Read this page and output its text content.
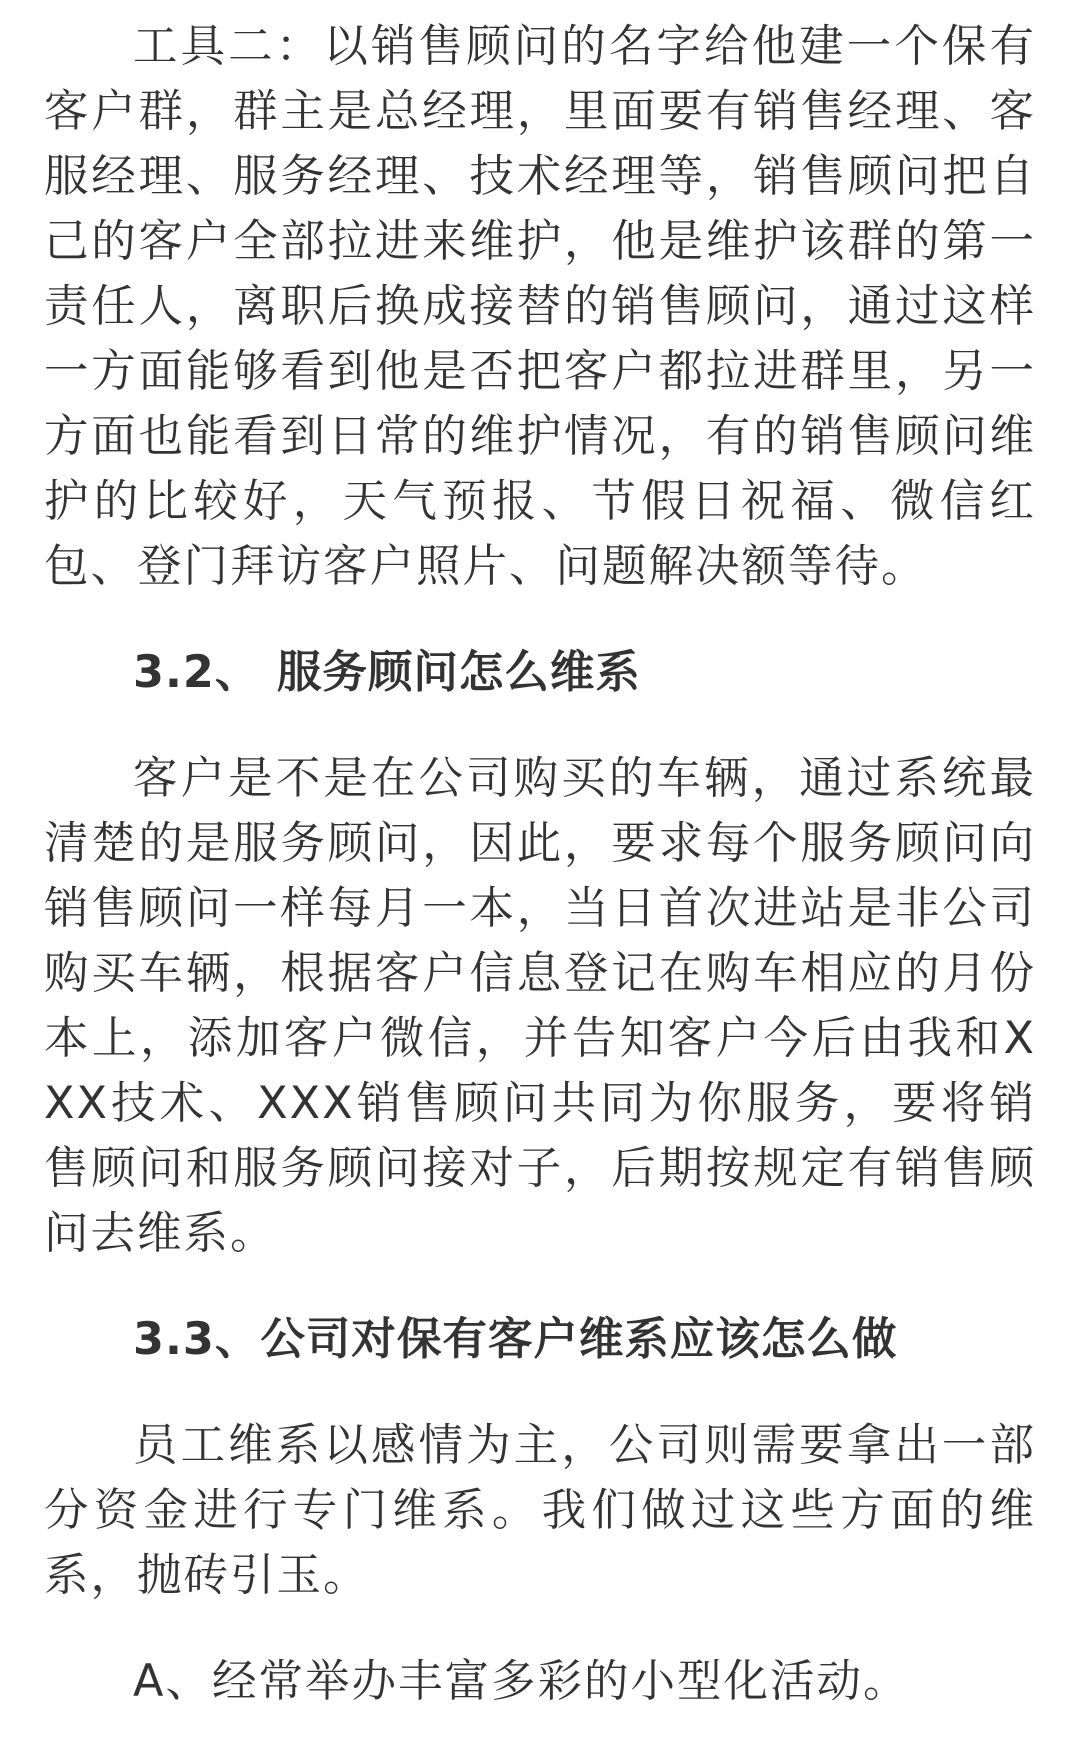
工具二：以销售顾问的名字给他建一个保有客户群，群主是总经理，里面要有销售经理、客服经理、服务经理、技术经理等，销售顾问把自己的客户全部拉进来维护，他是维护该群的第一责任人，离职后换成接替的销售顾问，通过这样一方面能够看到他是否把客户都拉进群里，另一方面也能看到日常的维护情况，有的销售顾问维护的比较好，天气预报、节假日祝福、微信红包、登门拜访客户照片、问题解决额等待。

3.2、 服务顾问怎么维系

客户是不是在公司购买的车辆，通过系统最清楚的是服务顾问，因此，要求每个服务顾问向销售顾问一样每月一本，当日首次进站是非公司购买车辆，根据客户信息登记在购车相应的月份本上，添加客户微信，并告知客户今后由我和XXX技术、XXX销售顾问共同为你服务，要将销售顾问和服务顾问接对子，后期按规定有销售顾问去维系。

3.3、公司对保有客户维系应该怎么做

员工维系以感情为主，公司则需要拿出一部分资金进行专门维系。我们做过这些方面的维系，抛砖引玉。

A、经常举办丰富多彩的小型化活动。
